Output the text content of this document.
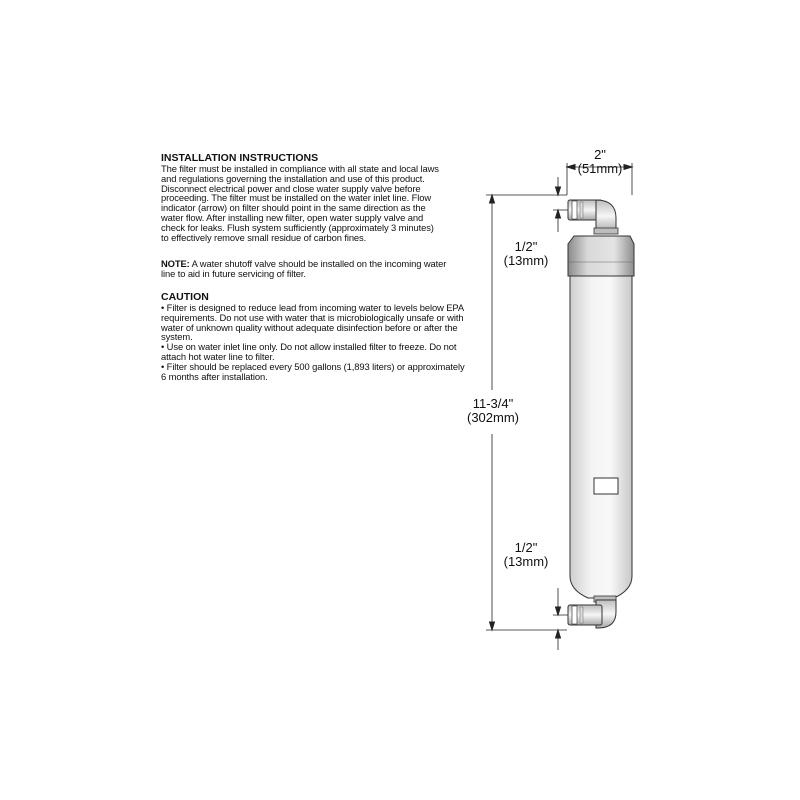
INSTALLATION INSTRUCTIONS
The filter must be installed in compliance with all state and local laws
and regulations governing the installation and use of this product.
Disconnect electrical power and close water supply valve before
proceeding. The filter must be installed on the water inlet line. Flow
indicator (arrow) on filter should point in the same direction as the
water flow. After installing new filter, open water supply valve and
check for leaks. Flush system sufficiently (approximately 3 minutes)
to effectively remove small residue of carbon fines.
NOTE: A water shutoff valve should be installed on the incoming water
line to aid in future servicing of filter.
CAUTION
• Filter is designed to reduce lead from incoming water to levels below EPA
requirements. Do not use with water that is microbiologically unsafe or with
water of unknown quality without adequate disinfection before or after the
system.
• Use on water inlet line only. Do not allow installed filter to freeze. Do not
attach hot water line to filter.
• Filter should be replaced every 500 gallons (1,893 liters) or approximately
6 months after installation.
2"
(51mm)
1/2"
(13mm)
11-3/4"
(302mm)
1/2"
(13mm)
